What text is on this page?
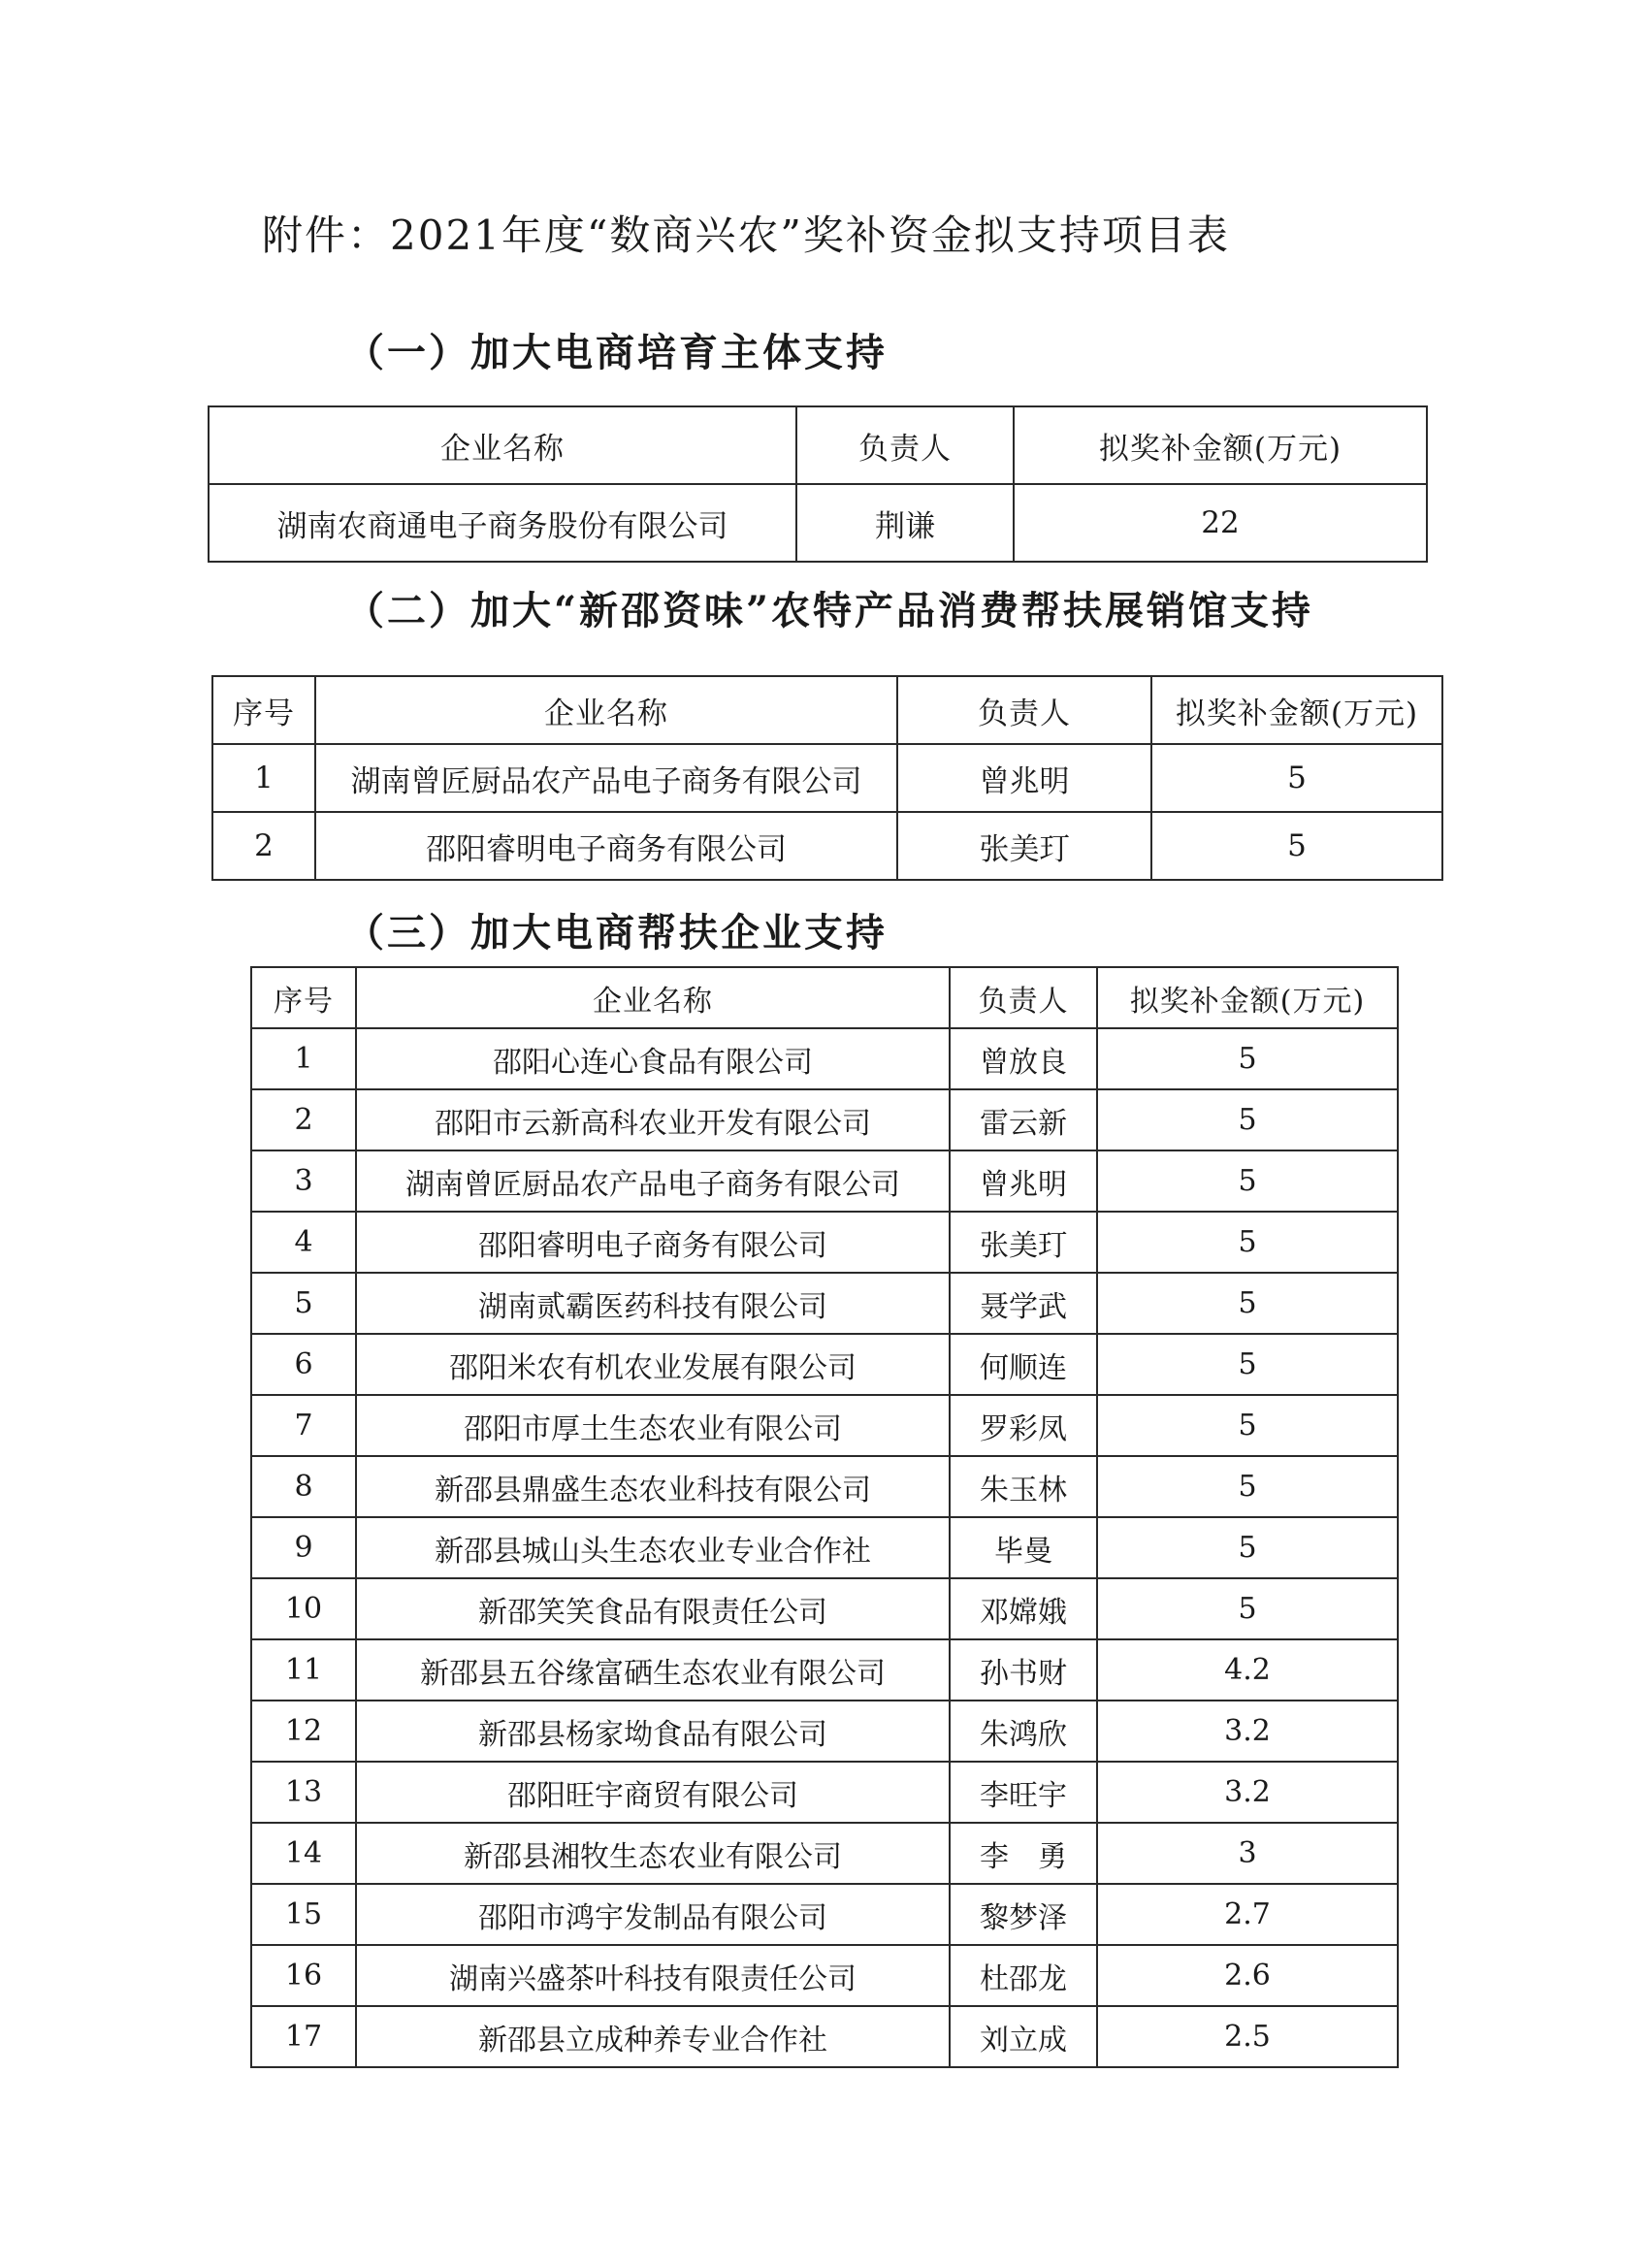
附件：2021年度“数商兴农”奖补资金拟支持项目表
（一）加大电商培育主体支持
企业名称	负责人	拟奖补金额(万元)
湖南农商通电子商务股份有限公司	荆谦	22
（二）加大“新邵资味”农特产品消费帮扶展销馆支持
序号	企业名称	负责人	拟奖补金额(万元)
1	湖南曾匠厨品农产品电子商务有限公司	曾兆明	5
2	邵阳睿明电子商务有限公司	张美玎	5
（三）加大电商帮扶企业支持
序号	企业名称	负责人	拟奖补金额(万元)
1	邵阳心连心食品有限公司	曾放良	5
2	邵阳市云新高科农业开发有限公司	雷云新	5
3	湖南曾匠厨品农产品电子商务有限公司	曾兆明	5
4	邵阳睿明电子商务有限公司	张美玎	5
5	湖南贰霸医药科技有限公司	聂学武	5
6	邵阳米农有机农业发展有限公司	何顺连	5
7	邵阳市厚土生态农业有限公司	罗彩凤	5
8	新邵县鼎盛生态农业科技有限公司	朱玉林	5
9	新邵县城山头生态农业专业合作社	毕曼	5
10	新邵笑笑食品有限责任公司	邓嫦娥	5
11	新邵县五谷缘富硒生态农业有限公司	孙书财	4.2
12	新邵县杨家坳食品有限公司	朱鸿欣	3.2
13	邵阳旺宇商贸有限公司	李旺宇	3.2
14	新邵县湘牧生态农业有限公司	李　勇	3
15	邵阳市鸿宇发制品有限公司	黎梦泽	2.7
16	湖南兴盛茶叶科技有限责任公司	杜邵龙	2.6
17	新邵县立成种养专业合作社	刘立成	2.5
